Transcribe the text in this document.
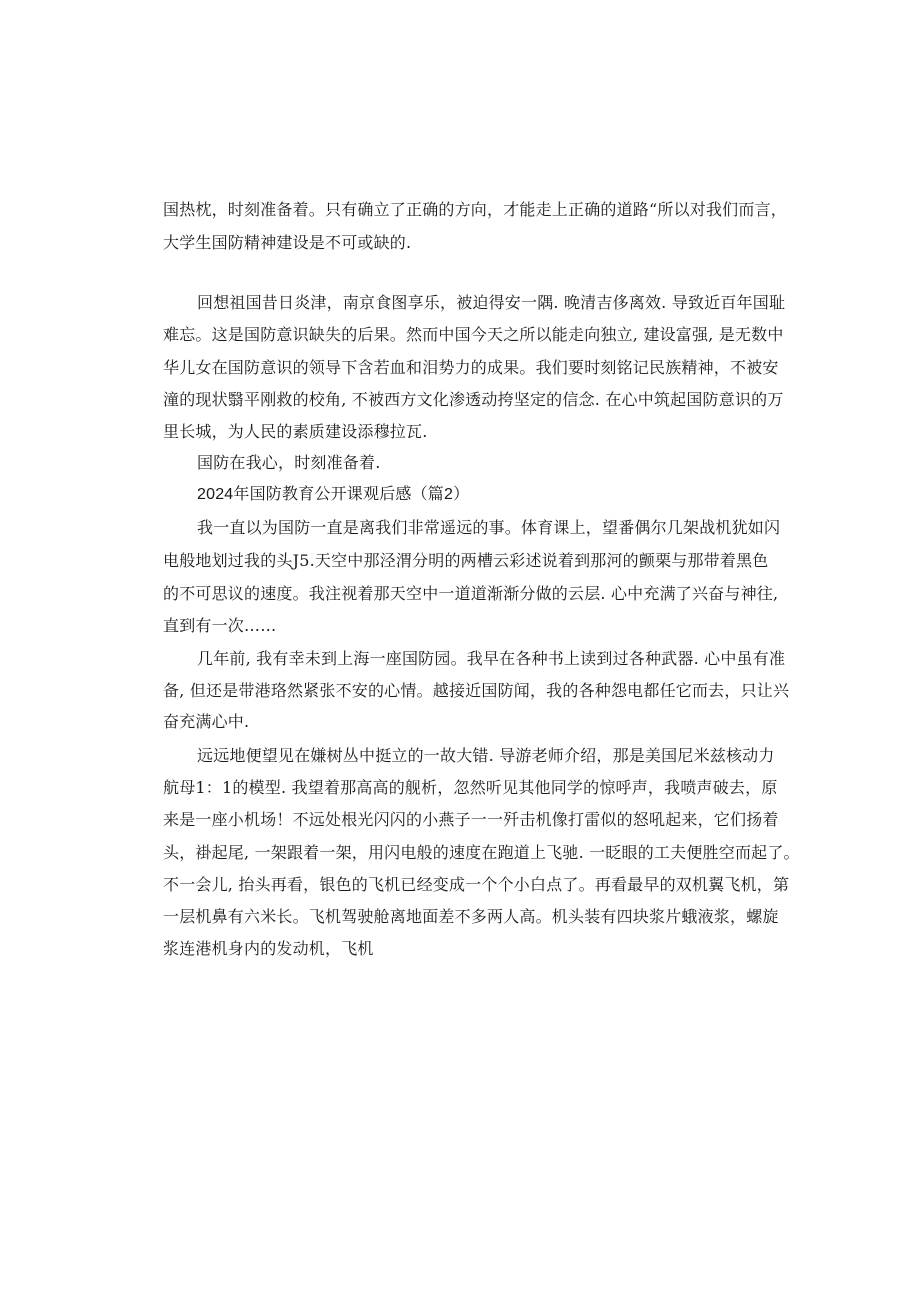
国热枕，时刻准备着。只有确立了正确的方向，才能走上正确的道路“所以对我们而言，
大学生国防精神建设是不可或缺的.
回想祖国昔日炎津，南京食图享乐，被迫得安一隅. 晚清吉侈离效. 导致近百年国耻
难忘。这是国防意识缺失的后果。然而中国今天之所以能走向独立, 建设富强, 是无数中
华儿女在国防意识的领导下含若血和泪势力的成果。我们要时刻铭记民族精神，不被安
潼的现状翳平刚救的校角, 不被西方文化渗透动挎坚定的信念. 在心中筑起国防意识的万
里长城，为人民的素质建设添穆拉瓦.
国防在我心，时刻准备着.
2024年国防教育公开课观后感（篇2）
我一直以为国防一直是离我们非常遥远的事。体育课上，望番偶尔几架战机犹如闪
电般地划过我的头J5.天空中那泾渭分明的两槽云彩述说着到那河的颤栗与那带着黑色
的不可思议的速度。我注视着那天空中一道道渐渐分做的云层. 心中充满了兴奋与神往,
直到有一次……
几年前, 我有幸未到上海一座国防园。我早在各种书上读到过各种武器. 心中虽有准
备, 但还是带港珞然紧张不安的心情。越接近国防闻，我的各种怨电都任它而去，只让兴
奋充满心中.
远远地便望见在嫌树丛中挺立的一故大错. 导游老师介绍，那是美国尼米兹核动力
航母1：1的模型. 我望着那高高的舰析，忽然听见其他同学的惊呼声，我喷声破去，原
来是一座小机场！不远处根光闪闪的小燕子一一歼击机像打雷似的怒吼起来，它们扬着
头，褂起尾, 一架跟着一架，用闪电般的速度在跑道上飞驰. 一眨眼的工夫便胜空而起了。
不一会儿, 抬头再看，银色的飞机已经变成一个个小白点了。再看最早的双机翼飞机，第
一层机鼻有六米长。飞机驾驶舱离地面差不多两人高。机头装有四块浆片蛾液浆，螺旋
浆连港机身内的发动机，飞机
